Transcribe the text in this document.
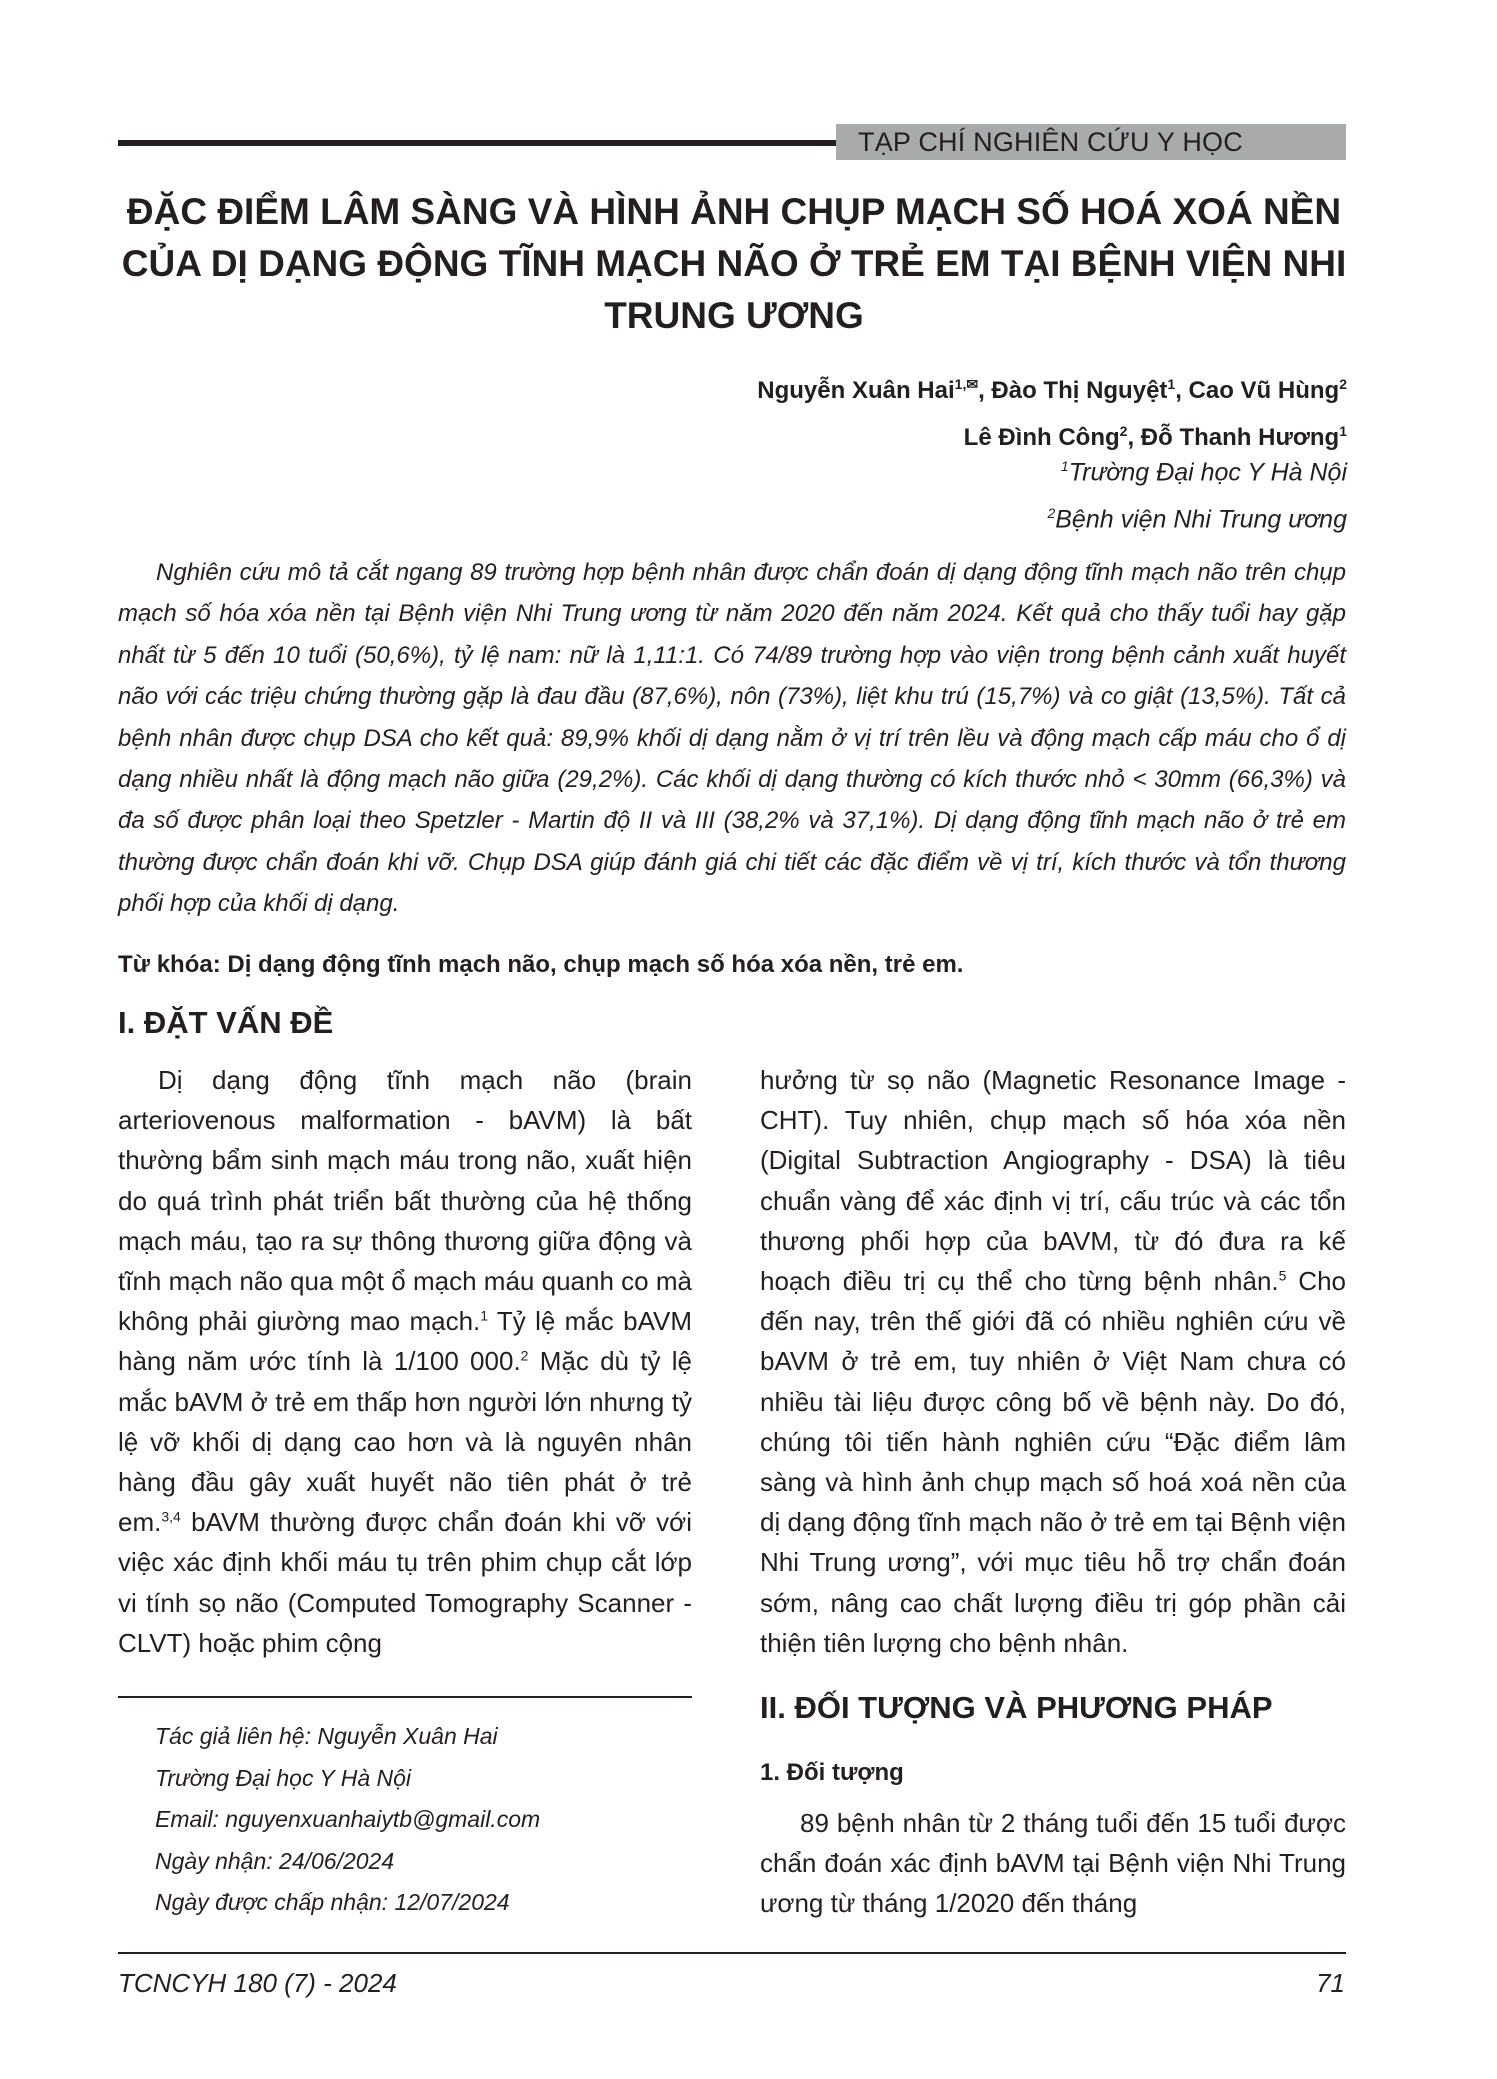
TẠP CHÍ NGHIÊN CỨU Y HỌC
ĐẶC ĐIỂM LÂM SÀNG VÀ HÌNH ẢNH CHỤP MẠCH SỐ HOÁ XOÁ NỀN CỦA DỊ DẠNG ĐỘNG TĨNH MẠCH NÃO Ở TRẺ EM TẠI BỆNH VIỆN NHI TRUNG ƯƠNG
Nguyễn Xuân Hai$^{1,✉}$, Đào Thị Nguyệt$^1$, Cao Vũ Hùng$^2$
Lê Đình Công$^2$, Đỗ Thanh Hương$^1$
$^1$Trường Đại học Y Hà Nội
$^2$Bệnh viện Nhi Trung ương

Nghiên cứu mô tả cắt ngang 89 trường hợp bệnh nhân được chẩn đoán dị dạng động tĩnh mạch não trên chụp mạch số hóa xóa nền tại Bệnh viện Nhi Trung ương từ năm 2020 đến năm 2024. Kết quả cho thấy tuổi hay gặp nhất từ 5 đến 10 tuổi (50,6%), tỷ lệ nam: nữ là 1,11:1. Có 74/89 trường hợp vào viện trong bệnh cảnh xuất huyết não với các triệu chứng thường gặp là đau đầu (87,6%), nôn (73%), liệt khu trú (15,7%) và co giật (13,5%). Tất cả bệnh nhân được chụp DSA cho kết quả: 89,9% khối dị dạng nằm ở vị trí trên lều và động mạch cấp máu cho ổ dị dạng nhiều nhất là động mạch não giữa (29,2%). Các khối dị dạng thường có kích thước nhỏ < 30mm (66,3%) và đa số được phân loại theo Spetzler - Martin độ II và III (38,2% và 37,1%). Dị dạng động tĩnh mạch não ở trẻ em thường được chẩn đoán khi vỡ. Chụp DSA giúp đánh giá chi tiết các đặc điểm về vị trí, kích thước và tổn thương phối hợp của khối dị dạng.

Từ khóa: Dị dạng động tĩnh mạch não, chụp mạch số hóa xóa nền, trẻ em.
I. ĐẶT VẤN ĐỀ

Dị dạng động tĩnh mạch não (brain arteriovenous malformation - bAVM) là bất thường bẩm sinh mạch máu trong não, xuất hiện do quá trình phát triển bất thường của hệ thống mạch máu, tạo ra sự thông thương giữa động và tĩnh mạch não qua một ổ mạch máu quanh co mà không phải giường mao mạch.$^1$ Tỷ lệ mắc bAVM hàng năm ước tính là 1/100 000.$^2$ Mặc dù tỷ lệ mắc bAVM ở trẻ em thấp hơn người lớn nhưng tỷ lệ vỡ khối dị dạng cao hơn và là nguyên nhân hàng đầu gây xuất huyết não tiên phát ở trẻ em.$^{3,4}$ bAVM thường được chẩn đoán khi vỡ với việc xác định khối máu tụ trên phim chụp cắt lớp vi tính sọ não (Computed Tomography Scanner - CLVT) hoặc phim cộng

hưởng từ sọ não (Magnetic Resonance Image - CHT). Tuy nhiên, chụp mạch số hóa xóa nền (Digital Subtraction Angiography - DSA) là tiêu chuẩn vàng để xác định vị trí, cấu trúc và các tổn thương phối hợp của bAVM, từ đó đưa ra kế hoạch điều trị cụ thể cho từng bệnh nhân.$^5$ Cho đến nay, trên thế giới đã có nhiều nghiên cứu về bAVM ở trẻ em, tuy nhiên ở Việt Nam chưa có nhiều tài liệu được công bố về bệnh này. Do đó, chúng tôi tiến hành nghiên cứu “Đặc điểm lâm sàng và hình ảnh chụp mạch số hoá xoá nền của dị dạng động tĩnh mạch não ở trẻ em tại Bệnh viện Nhi Trung ương”, với mục tiêu hỗ trợ chẩn đoán sớm, nâng cao chất lượng điều trị góp phần cải thiện tiên lượng cho bệnh nhân.

Tác giả liên hệ: Nguyễn Xuân Hai
Trường Đại học Y Hà Nội
Email: nguyenxuanhaiytb@gmail.com
Ngày nhận: 24/06/2024
Ngày được chấp nhận: 12/07/2024
II. ĐỐI TƯỢNG VÀ PHƯƠNG PHÁP
1. Đối tượng

89 bệnh nhân từ 2 tháng tuổi đến 15 tuổi được chẩn đoán xác định bAVM tại Bệnh viện Nhi Trung ương từ tháng 1/2020 đến tháng

TCNCYH 180 (7) - 2024	71
